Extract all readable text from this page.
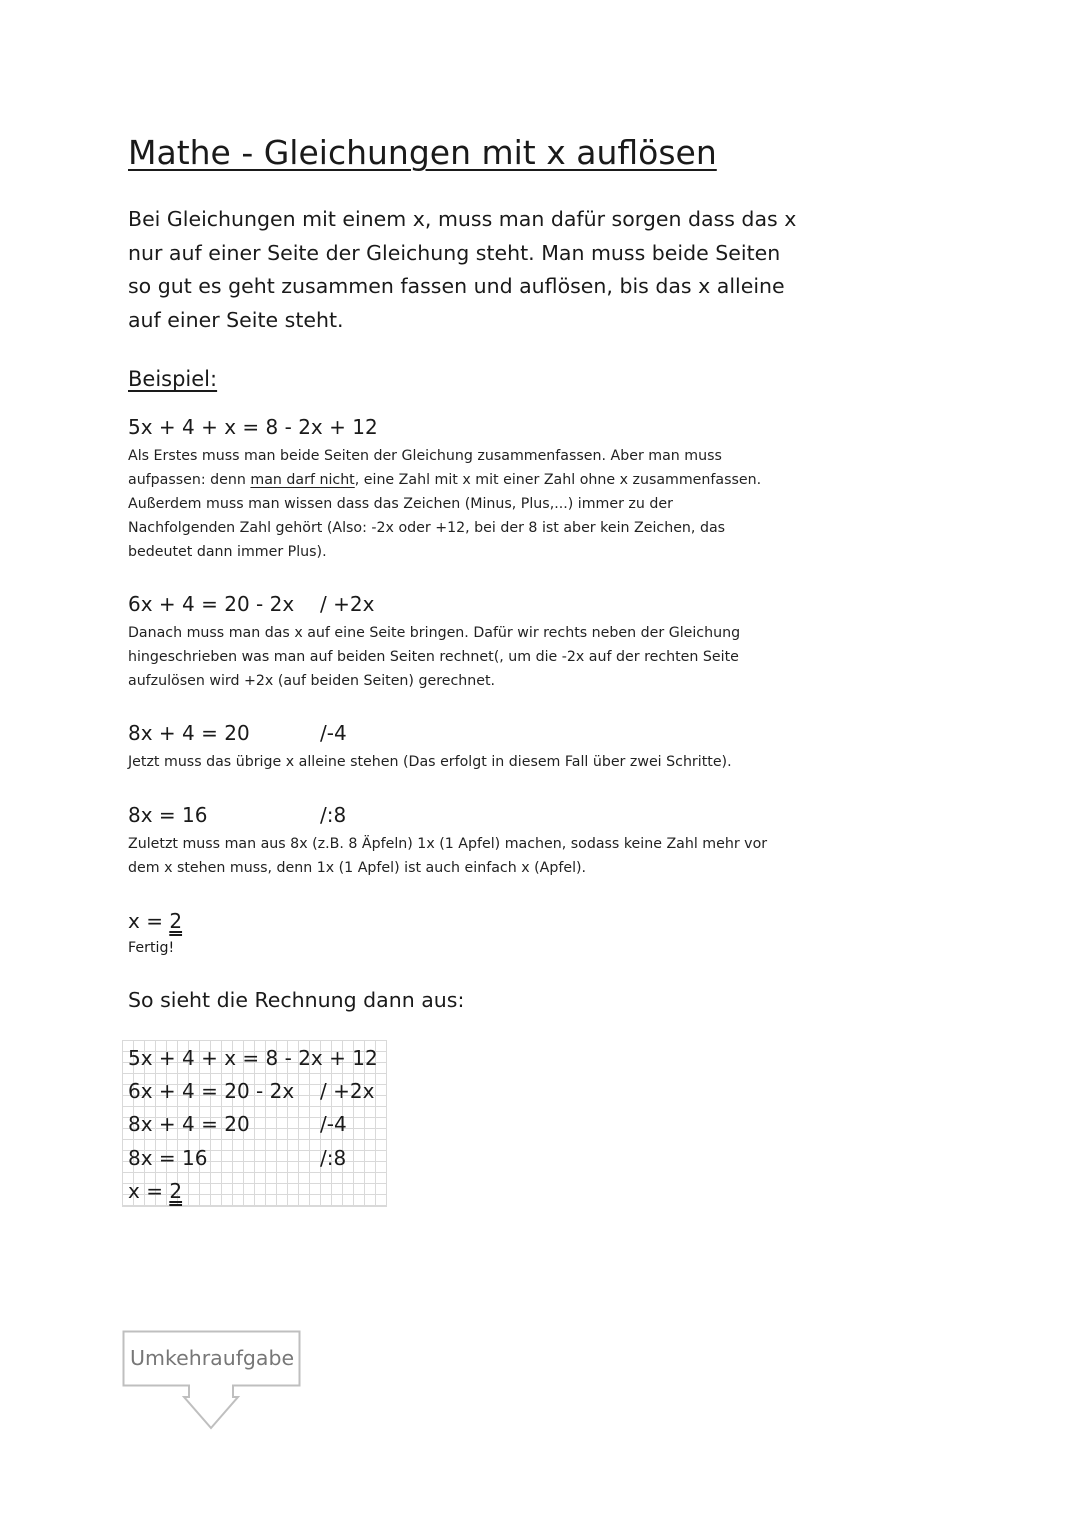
Mathe - Gleichungen mit x auflösen

Bei Gleichungen mit einem x, muss man dafür sorgen dass das x
nur auf einer Seite der Gleichung steht. Man muss beide Seiten
so gut es geht zusammen fassen und auflösen, bis das x alleine
auf einer Seite steht.

Beispiel:
5x + 4 + x = 8 - 2x + 12

Als Erstes muss man beide Seiten der Gleichung zusammenfassen. Aber man muss
aufpassen: denn man darf nicht, eine Zahl mit x mit einer Zahl ohne x zusammenfassen.
Außerdem muss man wissen dass das Zeichen (Minus, Plus,...) immer zu der
Nachfolgenden Zahl gehört (Also: -2x oder +12, bei der 8 ist aber kein Zeichen, das
bedeutet dann immer Plus).

6x + 4 = 20 - 2x / +2x

Danach muss man das x auf eine Seite bringen. Dafür wir rechts neben der Gleichung
hingeschrieben was man auf beiden Seiten rechnet(, um die -2x auf der rechten Seite
aufzulösen wird +2x (auf beiden Seiten) gerechnet.

8x + 4 = 20	/-4

Jetzt muss das übrige x alleine stehen (Das erfolgt in diesem Fall über zwei Schritte).

8x = 16	/:8

Zuletzt muss man aus 8x (z.B. 8 Äpfeln) 1x (1 Apfel) machen, sodass keine Zahl mehr vor
dem x stehen muss, denn 1x (1 Apfel) ist auch einfach x (Apfel).

x = 2
Fertig!
So sieht die Rechnung dann aus:
5x + 4 + x = 8 - 2x + 12
6x + 4 = 20 - 2x / +2x
8x + 4 = 20	/-4
8x = 16	/:8
x = 2
Umkehraufgabe
